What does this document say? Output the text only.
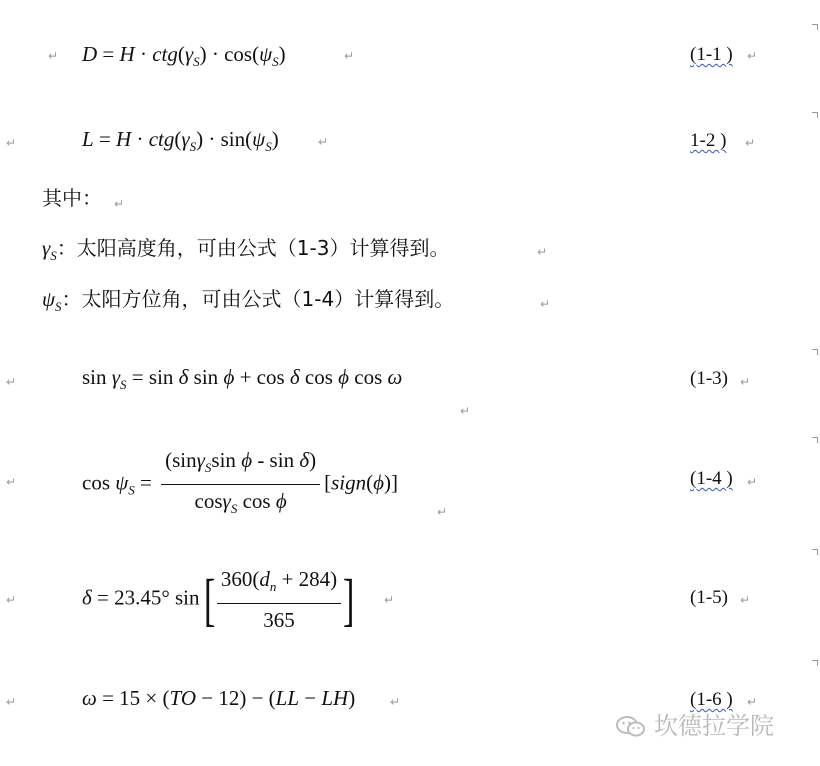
↵ $D = H \cdot ctg(\gamma_S) \cdot \cos(\psi_S)$	↵	(1-1 ) ↵
↵	$L = H \cdot ctg(\gamma_S) \cdot \sin(\psi_S)$	↵	1-2 ) ↵
其中： ↵
$\gamma_S$：太阳高度角，可由公式（1-3）计算得到。	↵
$\psi_S$：太阳方位角，可由公式（1-4）计算得到。	↵
↵	$\sin \gamma_S = \sin \delta$ sin ϕ + cos δ cos ϕ cos ω	(1-3) ↵
↵
↵	$\cos \psi_S = \frac{(\sin\gamma_S\sin \phi - \sin \delta)}{\cos\gamma_S \cos \phi}$ [sign(ϕ)]	(1-4 ) ↵
↵
↵	δ = 23.45° $\sin[ \frac{360(d_n + 284)}{365}$ ]	↵	(1-5) ↵
↵	ω = 15 × (TO − 12) − (LL − LH)	↵	(1-6 ) ↵
坎德拉学院
